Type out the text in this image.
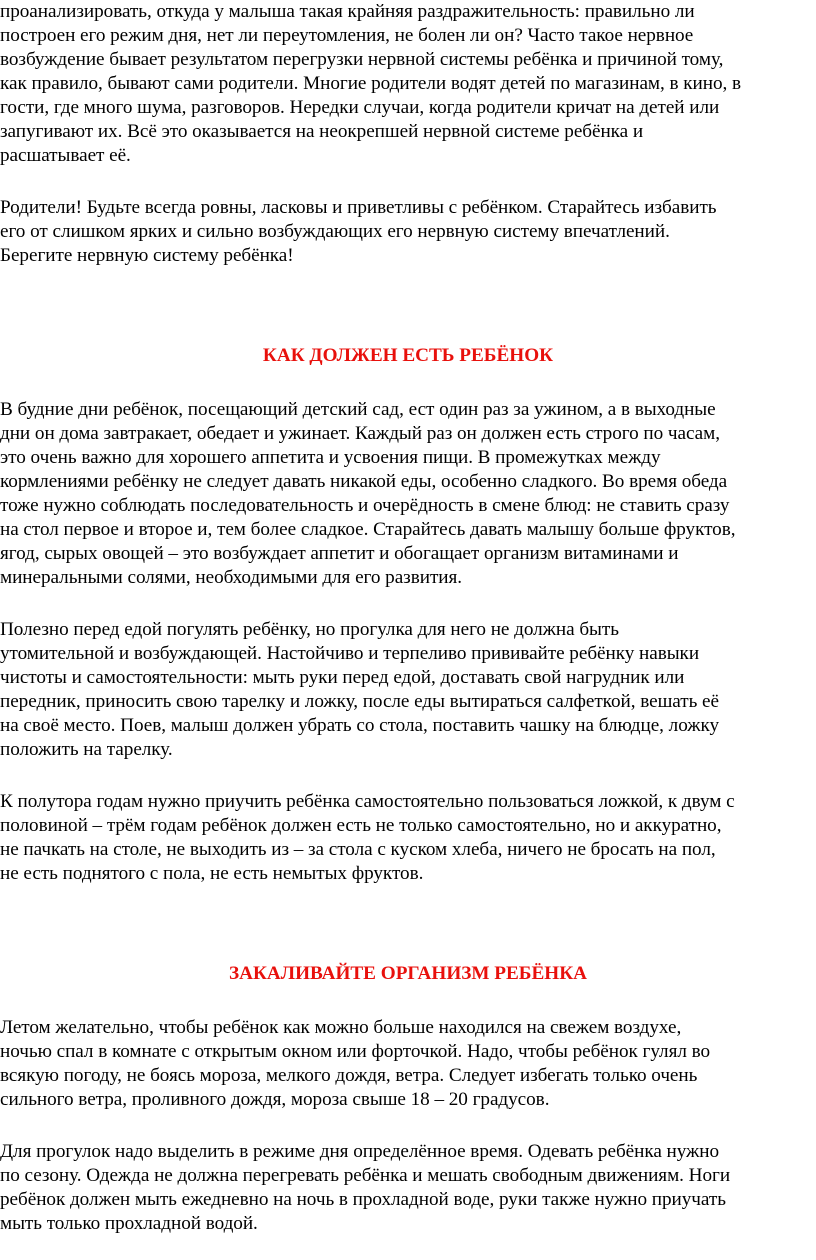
проанализировать, откуда у малыша такая крайняя раздражительность: правильно ли
построен его режим дня, нет ли переутомления, не болен ли он? Часто такое нервное
возбуждение бывает результатом перегрузки нервной системы ребёнка и причиной тому,
как правило, бывают сами родители. Многие родители водят детей по магазинам, в кино, в
гости, где много шума, разговоров. Нередки случаи, когда родители кричат на детей или
запугивают их. Всё это оказывается на неокрепшей нервной системе ребёнка и
расшатывает её.
Родители! Будьте всегда ровны, ласковы и приветливы с ребёнком. Старайтесь избавить
его от слишком ярких и сильно возбуждающих его нервную систему впечатлений.
Берегите нервную систему ребёнка!
КАК ДОЛЖЕН ЕСТЬ РЕБЁНОК
В будние дни ребёнок, посещающий детский сад, ест один раз за ужином, а в выходные
дни он дома завтракает, обедает и ужинает. Каждый раз он должен есть строго по часам,
это очень важно для хорошего аппетита и усвоения пищи. В промежутках между
кормлениями ребёнку не следует давать никакой еды, особенно сладкого. Во время обеда
тоже нужно соблюдать последовательность и очерёдность в смене блюд: не ставить сразу
на стол первое и второе и, тем более сладкое. Старайтесь давать малышу больше фруктов,
ягод, сырых овощей – это возбуждает аппетит и обогащает организм витаминами и
минеральными солями, необходимыми для его развития.
Полезно перед едой погулять ребёнку, но прогулка для него не должна быть
утомительной и возбуждающей. Настойчиво и терпеливо прививайте ребёнку навыки
чистоты и самостоятельности: мыть руки перед едой, доставать свой нагрудник или
передник, приносить свою тарелку и ложку, после еды вытираться салфеткой, вешать её
на своё место. Поев, малыш должен убрать со стола, поставить чашку на блюдце, ложку
положить на тарелку.
К полутора годам нужно приучить ребёнка самостоятельно пользоваться ложкой, к двум с
половиной – трём годам ребёнок должен есть не только самостоятельно, но и аккуратно,
не пачкать на столе, не выходить из – за стола с куском хлеба, ничего не бросать на пол,
не есть поднятого с пола, не есть немытых фруктов.
ЗАКАЛИВАЙТЕ ОРГАНИЗМ РЕБЁНКА
Летом желательно, чтобы ребёнок как можно больше находился на свежем воздухе,
ночью спал в комнате с открытым окном или форточкой. Надо, чтобы ребёнок гулял во
всякую погоду, не боясь мороза, мелкого дождя, ветра. Следует избегать только очень
сильного ветра, проливного дождя, мороза свыше 18 – 20 градусов.
Для прогулок надо выделить в режиме дня определённое время. Одевать ребёнка нужно
по сезону. Одежда не должна перегревать ребёнка и мешать свободным движениям. Ноги
ребёнок должен мыть ежедневно на ночь в прохладной воде, руки также нужно приучать
мыть только прохладной водой.
